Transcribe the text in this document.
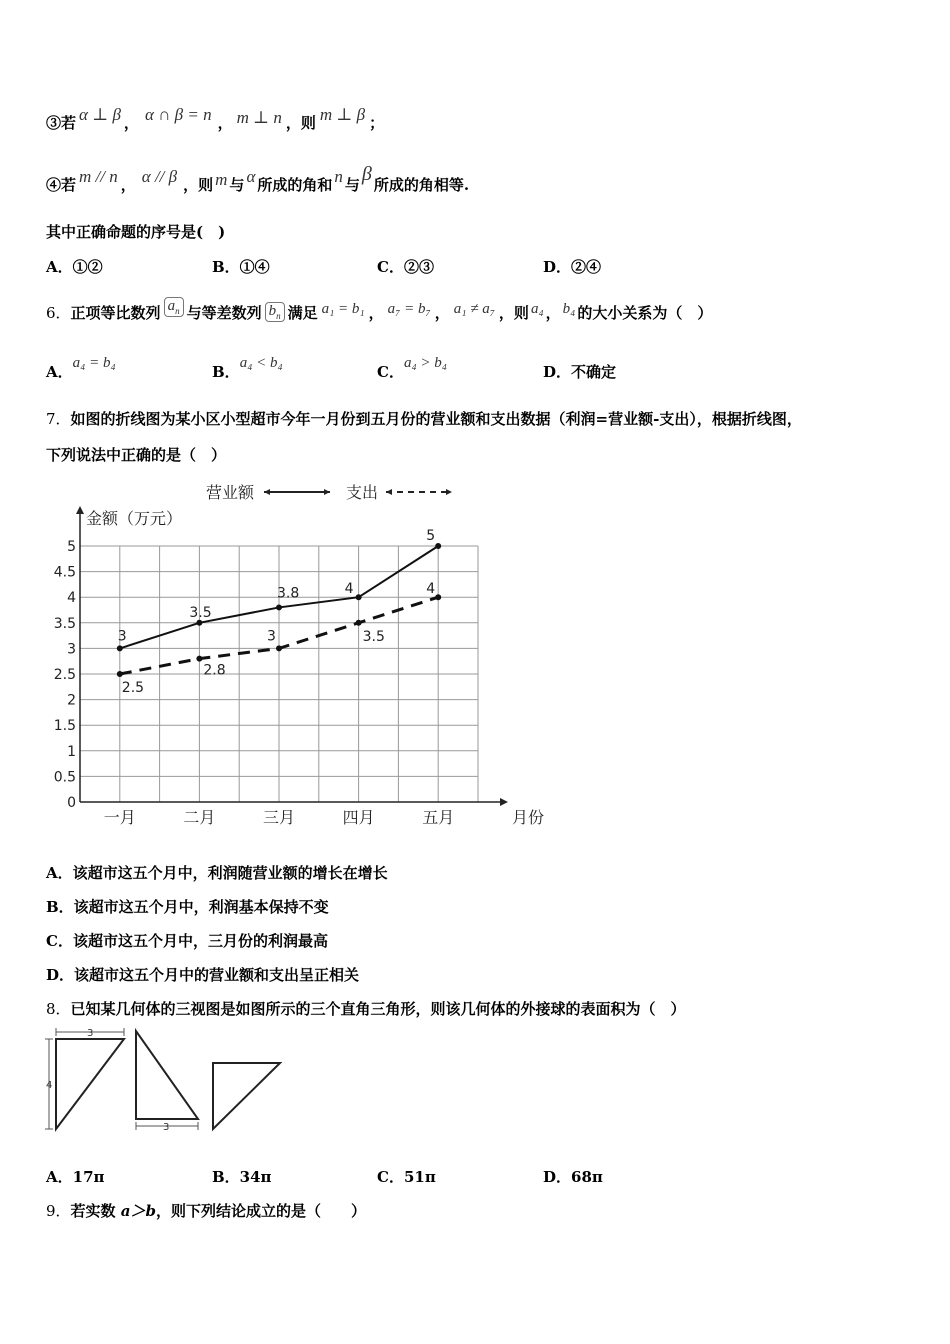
③若 α ⊥ β ， α ∩ β = n ， m ⊥ n ，则 m ⊥ β ；
④若 m // n ， α // β ，则 m 与 α 所成的角和 n 与 β 所成的角相等.
其中正确命题的序号是(　)
A．①②	B．①④	C．②③	D．②④
6．正项等比数列 $a_n$ 与等差数列 $b_n$ 满足 a₁ = b₁ ， a₇ = b₇ ， a₁ ≠ a₇ ，则 a₄ ， b₄ 的大小关系为（　）
A．a₄ = b₄	B．a₄ < b₄	C．a₄ > b₄	D．不确定
7．如图的折线图为某小区小型超市今年一月份到五月份的营业额和支出数据（利润=营业额-支出），根据折线图，
下列说法中正确的是（　）
0
0.5
1
1.5
2
2.5
3
3.5
4
4.5
5
一月	二月	三月	四月	五月	月份
金额（万元）
营业额	支出
3
3.5
3.8	4
5
2.5
2.8
3	3.5
4
A．该超市这五个月中，利润随营业额的增长在增长
B．该超市这五个月中，利润基本保持不变
C．该超市这五个月中，三月份的利润最高
D．该超市这五个月中的营业额和支出呈正相关
8．已知某几何体的三视图是如图所示的三个直角三角形，则该几何体的外接球的表面积为（　）
3
4
3
A．17π	B．34π	C．51π	D．68π
9．若实数 a＞b，则下列结论成立的是（　　）
